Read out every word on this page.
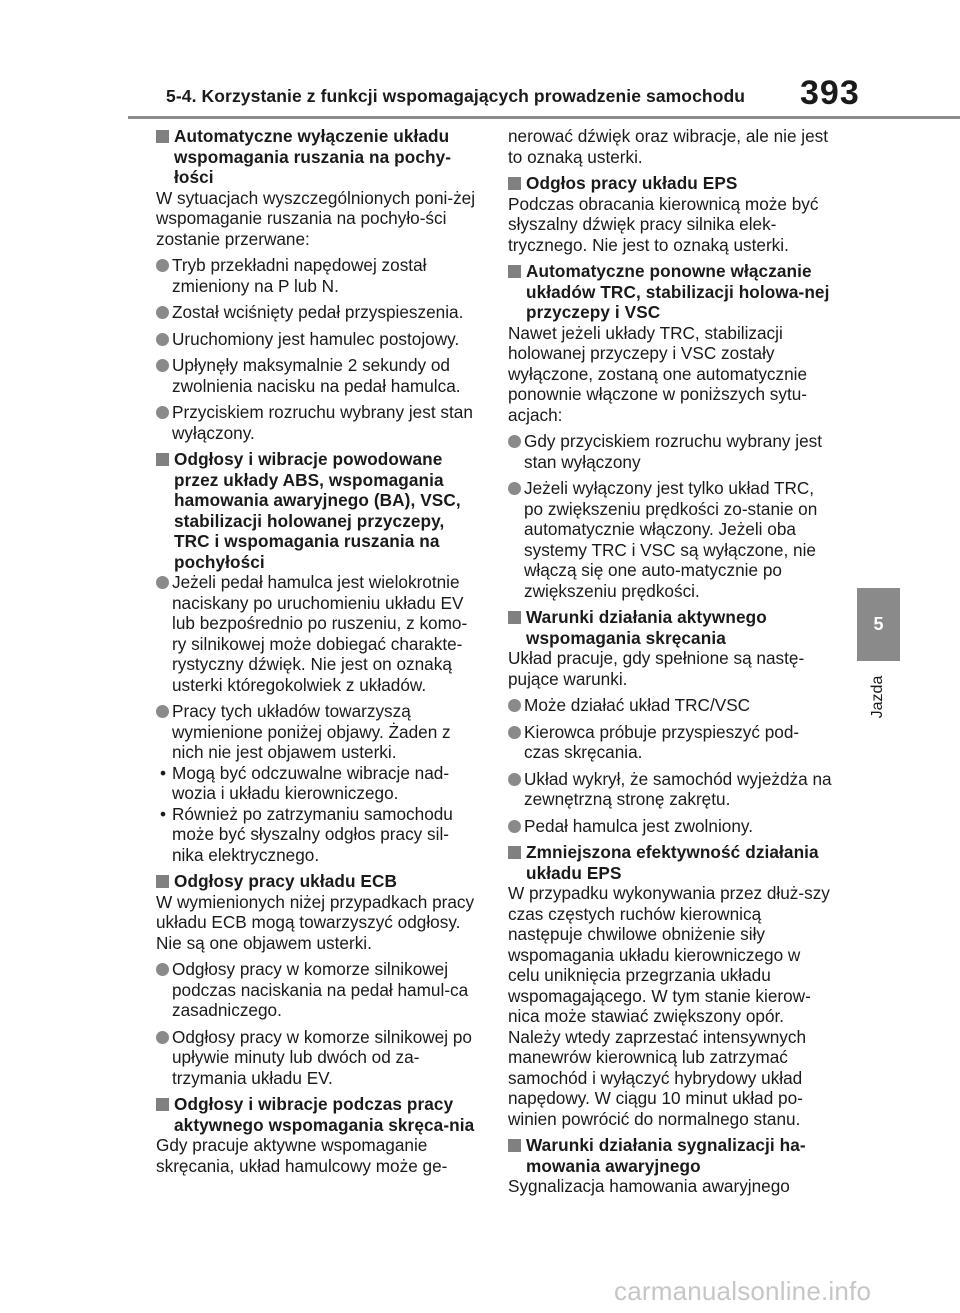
5-4. Korzystanie z funkcji wspomagających prowadzenie samochodu	393
5
Jazda

Automatyczne wyłączenie układu wspomagania ruszania na pochy-łości

W sytuacjach wyszczególnionych poni-żej wspomaganie ruszania na pochyło-ści zostanie przerwane:

Tryb przekładni napędowej został zmieniony na P lub N.

Został wciśnięty pedał przyspieszenia.

Uruchomiony jest hamulec postojowy.

Upłynęły maksymalnie 2 sekundy od zwolnienia nacisku na pedał hamulca.

Przyciskiem rozruchu wybrany jest stan wyłączony.

Odgłosy i wibracje powodowane przez układy ABS, wspomagania hamowania awaryjnego (BA), VSC, stabilizacji holowanej przyczepy, TRC i wspomagania ruszania na pochyłości

Jeżeli pedał hamulca jest wielokrotnie naciskany po uruchomieniu układu EV lub bezpośrednio po ruszeniu, z komo-ry silnikowej może dobiegać charakte-rystyczny dźwięk. Nie jest on oznaką usterki któregokolwiek z układów.

Pracy tych układów towarzyszą wymienione poniżej objawy. Żaden z nich nie jest objawem usterki.

• Mogą być odczuwalne wibracje nad-wozia i układu kierowniczego.

• Również po zatrzymaniu samochodu może być słyszalny odgłos pracy sil-nika elektrycznego.

Odgłosy pracy układu ECB

W wymienionych niżej przypadkach pracy układu ECB mogą towarzyszyć odgłosy. Nie są one objawem usterki.

Odgłosy pracy w komorze silnikowej podczas naciskania na pedał hamul-ca zasadniczego.

Odgłosy pracy w komorze silnikowej po upływie minuty lub dwóch od za-trzymania układu EV.

Odgłosy i wibracje podczas pracy aktywnego wspomagania skręca-nia

Gdy pracuje aktywne wspomaganie skręcania, układ hamulcowy może ge-

nerować dźwięk oraz wibracje, ale nie jest to oznaką usterki.

Odgłos pracy układu EPS

Podczas obracania kierownicą może być słyszalny dźwięk pracy silnika elek-trycznego. Nie jest to oznaką usterki.

Automatyczne ponowne włączanie układów TRC, stabilizacji holowa-nej przyczepy i VSC

Nawet jeżeli układy TRC, stabilizacji holowanej przyczepy i VSC zostały wyłączone, zostaną one automatycznie ponownie włączone w poniższych sytu-acjach:

Gdy przyciskiem rozruchu wybrany jest stan wyłączony

Jeżeli wyłączony jest tylko układ TRC, po zwiększeniu prędkości zo-stanie on automatycznie włączony. Jeżeli oba systemy TRC i VSC są wyłączone, nie włączą się one auto-matycznie po zwiększeniu prędkości.

Warunki działania aktywnego wspomagania skręcania

Układ pracuje, gdy spełnione są nastę-pujące warunki.

Może działać układ TRC/VSC

Kierowca próbuje przyspieszyć pod-czas skręcania.

Układ wykrył, że samochód wyjeżdża na zewnętrzną stronę zakrętu.

Pedał hamulca jest zwolniony.

Zmniejszona efektywność działania układu EPS

W przypadku wykonywania przez dłuż-szy czas częstych ruchów kierownicą następuje chwilowe obniżenie siły wspomagania układu kierowniczego w celu uniknięcia przegrzania układu wspomagającego. W tym stanie kierow-nica może stawiać zwiększony opór. Należy wtedy zaprzestać intensywnych manewrów kierownicą lub zatrzymać samochód i wyłączyć hybrydowy układ napędowy. W ciągu 10 minut układ po-winien powrócić do normalnego stanu.

Warunki działania sygnalizacji ha-mowania awaryjnego

Sygnalizacja hamowania awaryjnego

carmanualsonline.info
